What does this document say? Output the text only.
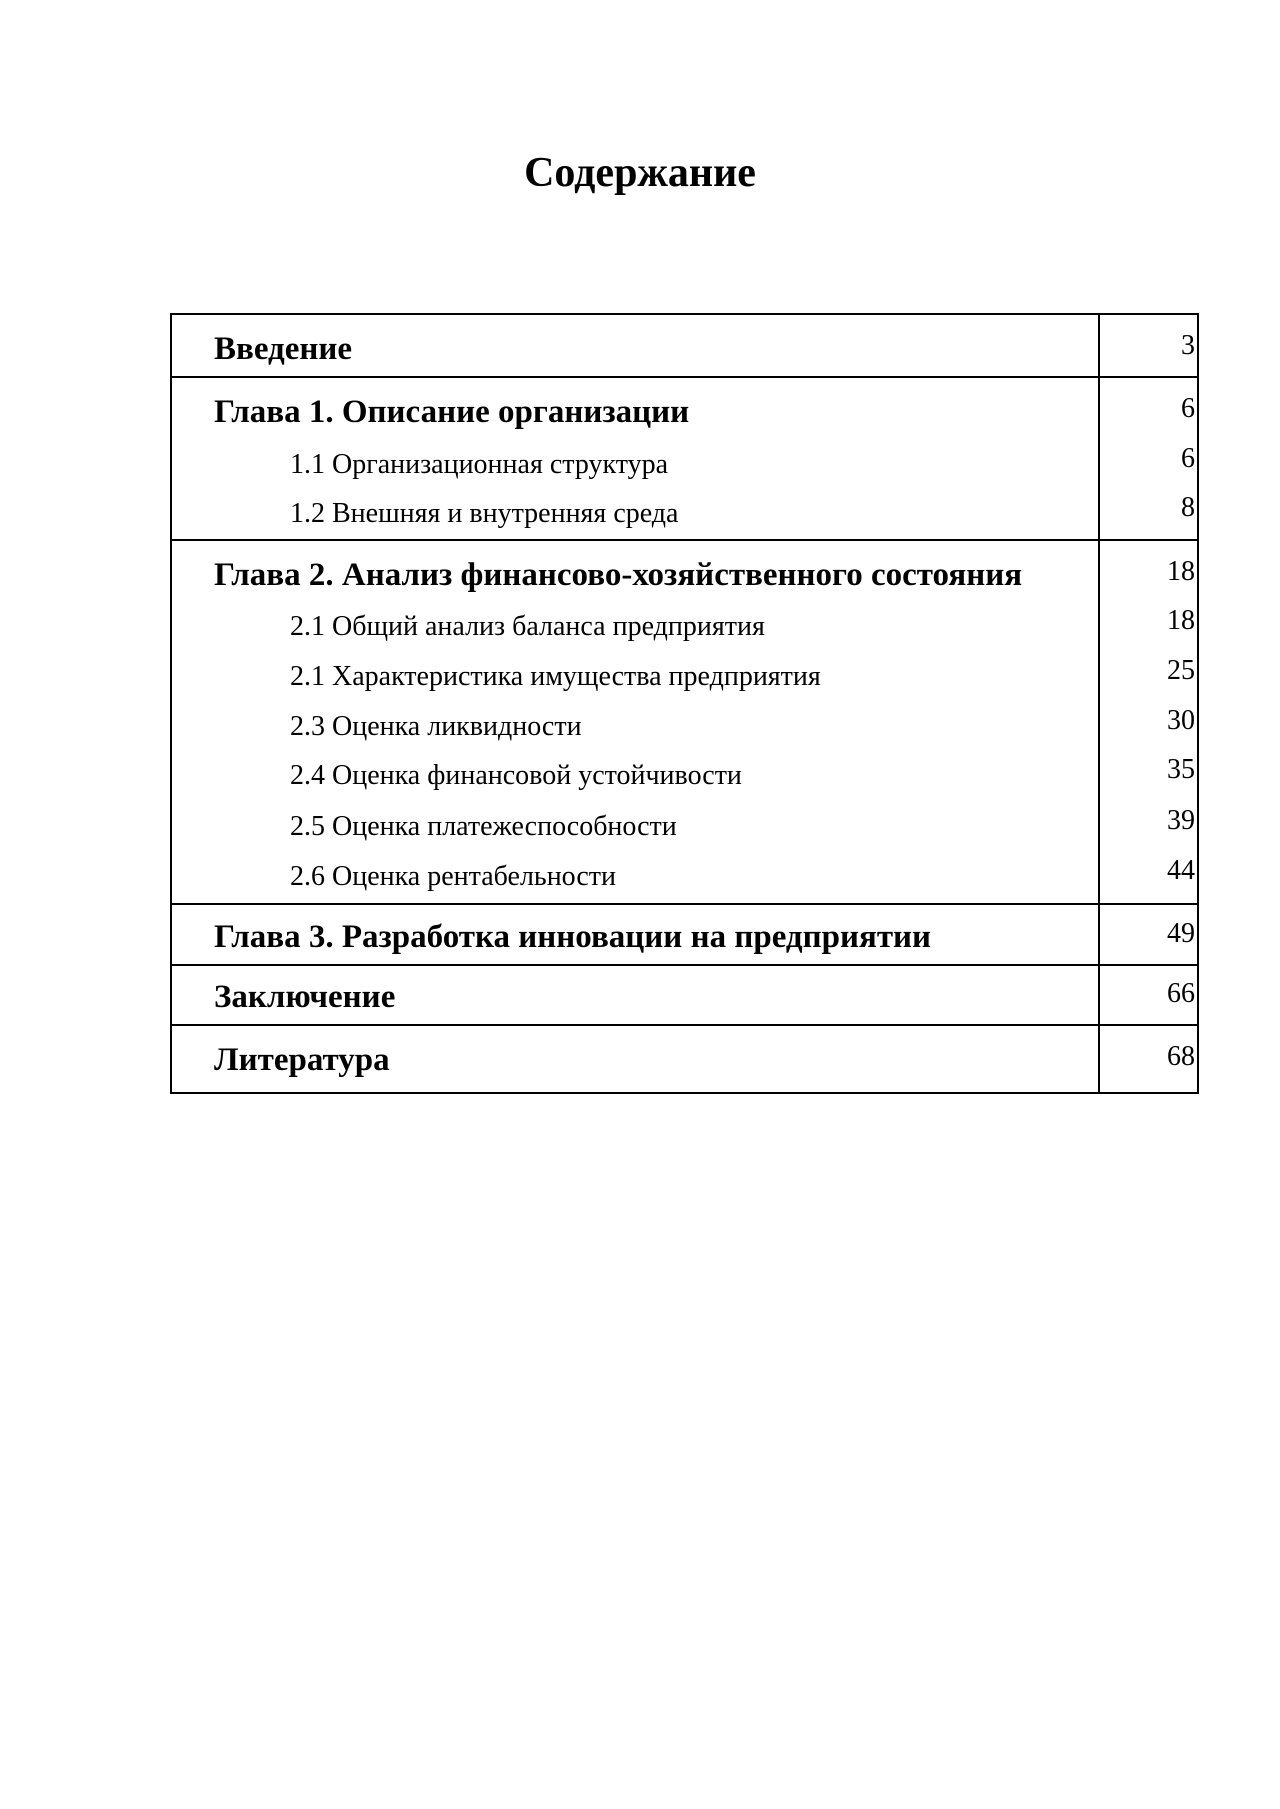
Содержание
Введение	3
Глава 1. Описание организации	6
1.1 Организационная структура	6
1.2 Внешняя и внутренняя среда	8
Глава 2. Анализ финансово-хозяйственного состояния	18
2.1 Общий анализ баланса предприятия	18
2.1 Характеристика имущества предприятия	25
2.3 Оценка ликвидности	30
2.4 Оценка финансовой устойчивости	35
2.5 Оценка платежеспособности	39
2.6 Оценка рентабельности	44
Глава 3. Разработка инновации на предприятии	49
Заключение	66
Литература	68
